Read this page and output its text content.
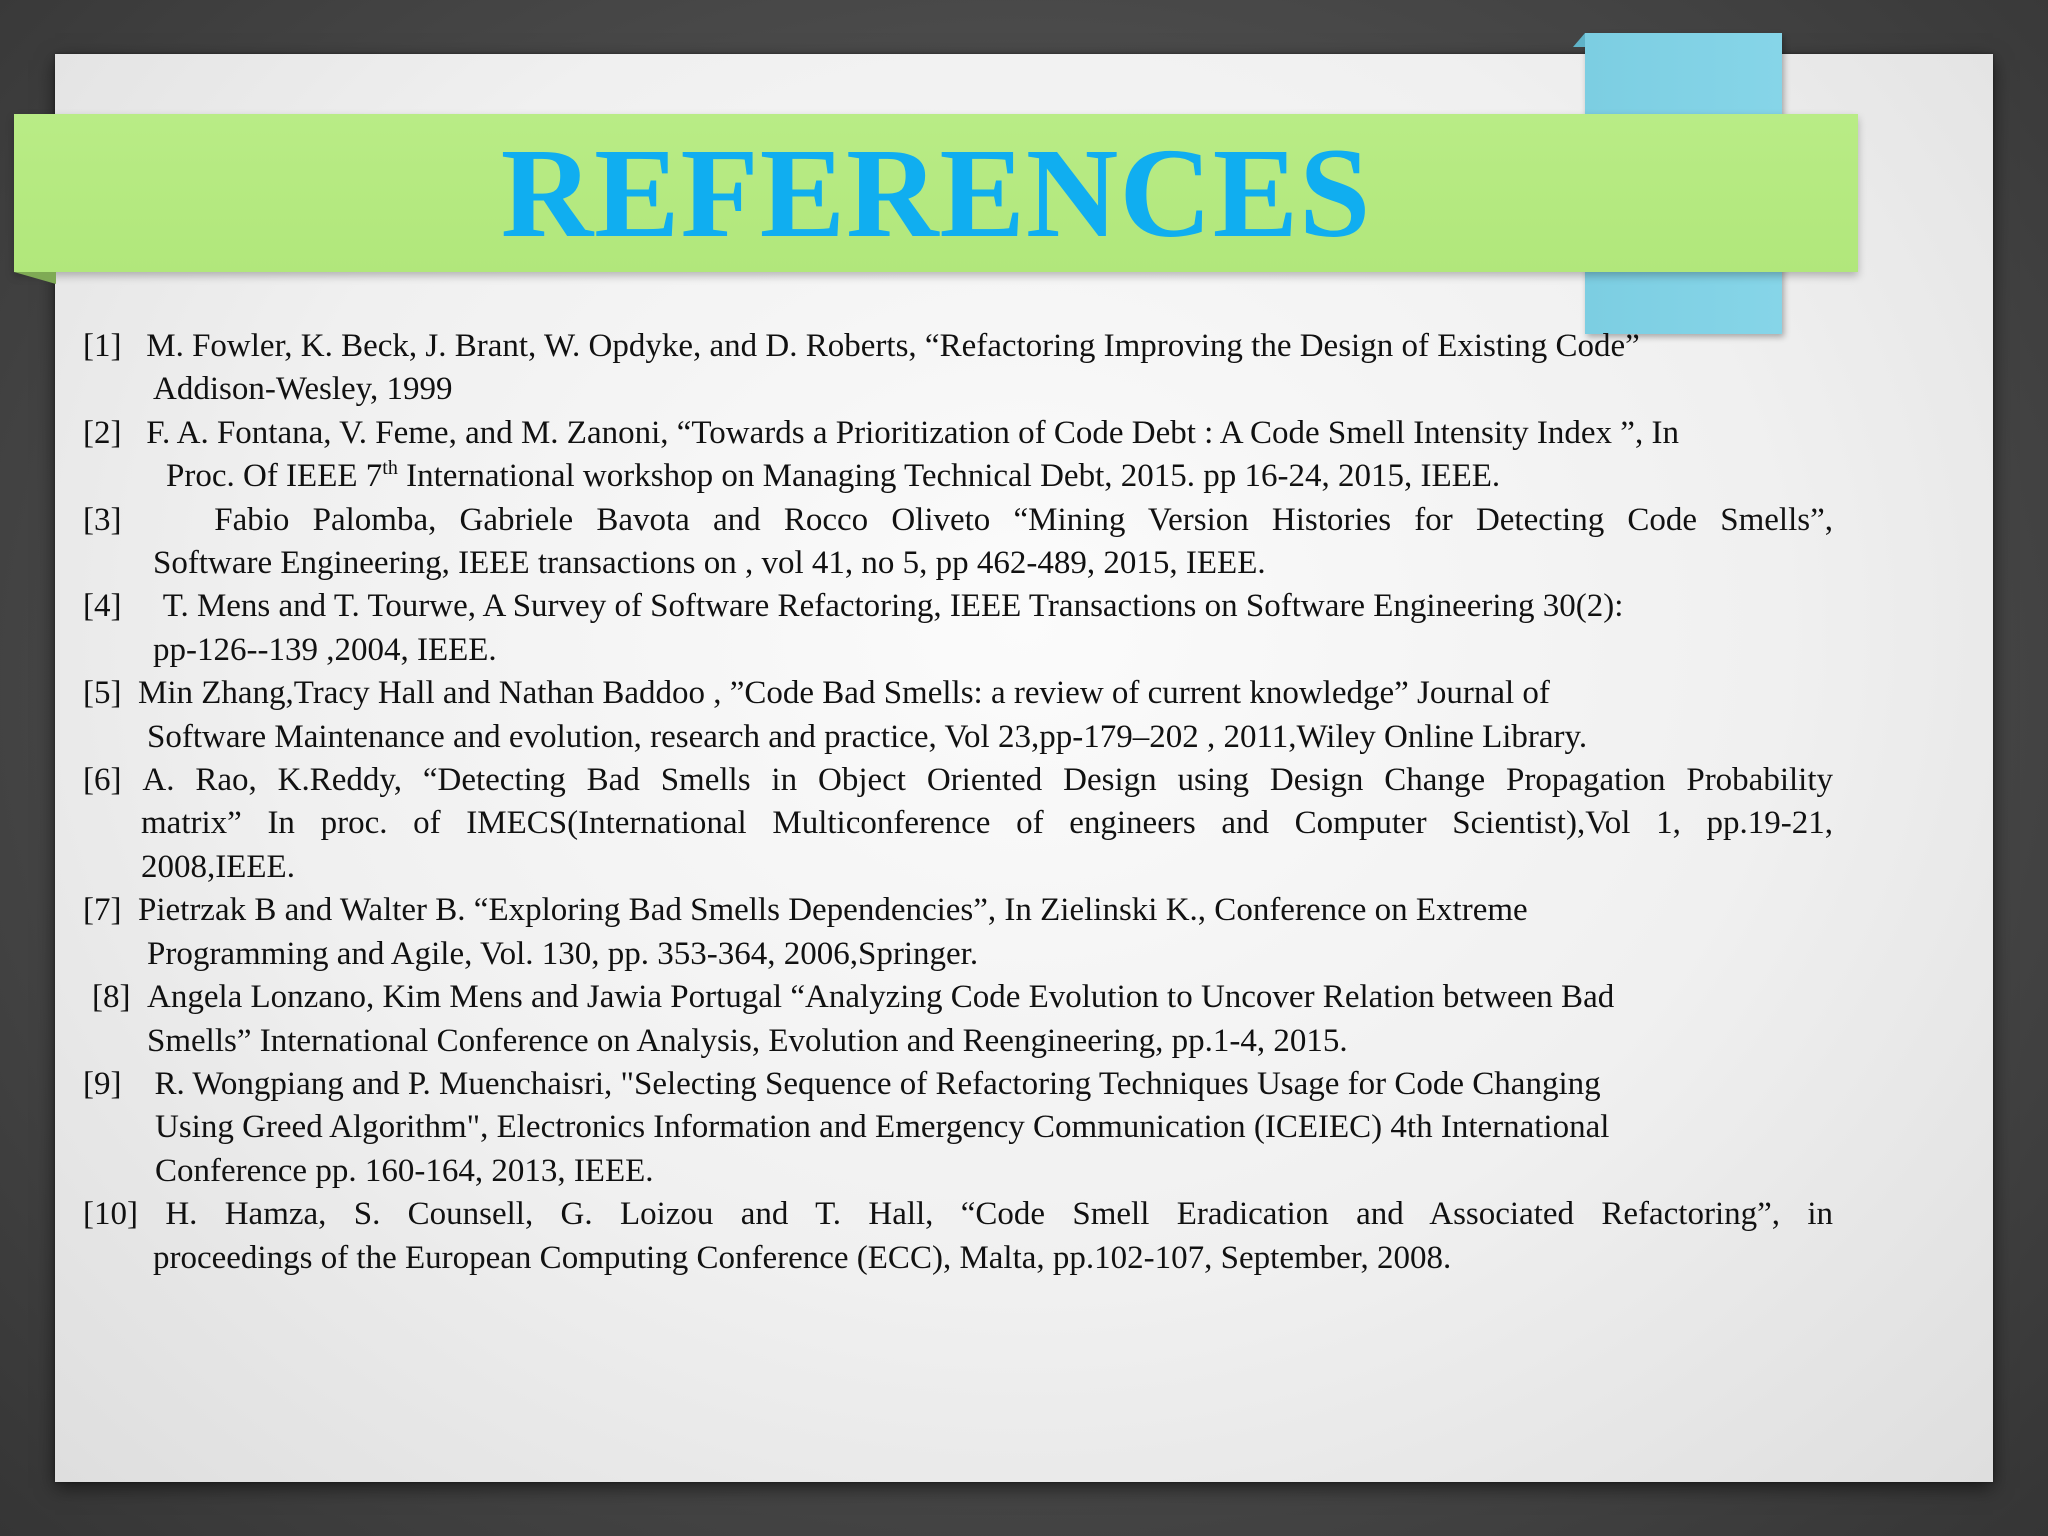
REFERENCES
[1] M. Fowler, K. Beck, J. Brant, W. Opdyke, and D. Roberts, “Refactoring Improving the Design of Existing Code”
Addison-Wesley, 1999
[2] F. A. Fontana, V. Feme, and M. Zanoni, “Towards a Prioritization of Code Debt : A Code Smell Intensity Index ”, In
Proc. Of IEEE 7th International workshop on Managing Technical Debt, 2015. pp 16-24, 2015, IEEE.
[3]	Fabio Palomba, Gabriele Bavota and Rocco Oliveto “Mining Version Histories for Detecting Code Smells”,
Software Engineering, IEEE transactions on , vol 41, no 5, pp 462-489, 2015, IEEE.
[4] T. Mens and T. Tourwe, A Survey of Software Refactoring, IEEE Transactions on Software Engineering 30(2):
pp-126--139 ,2004, IEEE.
[5] Min Zhang,Tracy Hall and Nathan Baddoo , ”Code Bad Smells: a review of current knowledge” Journal of
Software Maintenance and evolution, research and practice, Vol 23,pp-179–202 , 2011,Wiley Online Library.
[6] A. Rao, K.Reddy, “Detecting Bad Smells in Object Oriented Design using Design Change Propagation Probability
matrix” In proc. of IMECS(International Multiconference of engineers and Computer Scientist),Vol 1, pp.19-21,
2008,IEEE.
[7] Pietrzak B and Walter B. “Exploring Bad Smells Dependencies”, In Zielinski K., Conference on Extreme
Programming and Agile, Vol. 130, pp. 353-364, 2006,Springer.
[8] Angela Lonzano, Kim Mens and Jawia Portugal “Analyzing Code Evolution to Uncover Relation between Bad
Smells” International Conference on Analysis, Evolution and Reengineering, pp.1-4, 2015.
[9] R. Wongpiang and P. Muenchaisri, "Selecting Sequence of Refactoring Techniques Usage for Code Changing
Using Greed Algorithm", Electronics Information and Emergency Communication (ICEIEC) 4th International
Conference pp. 160-164, 2013, IEEE.
[10] H. Hamza, S. Counsell, G. Loizou and T. Hall, “Code Smell Eradication and Associated Refactoring”, in
proceedings of the European Computing Conference (ECC), Malta, pp.102-107, September, 2008.
